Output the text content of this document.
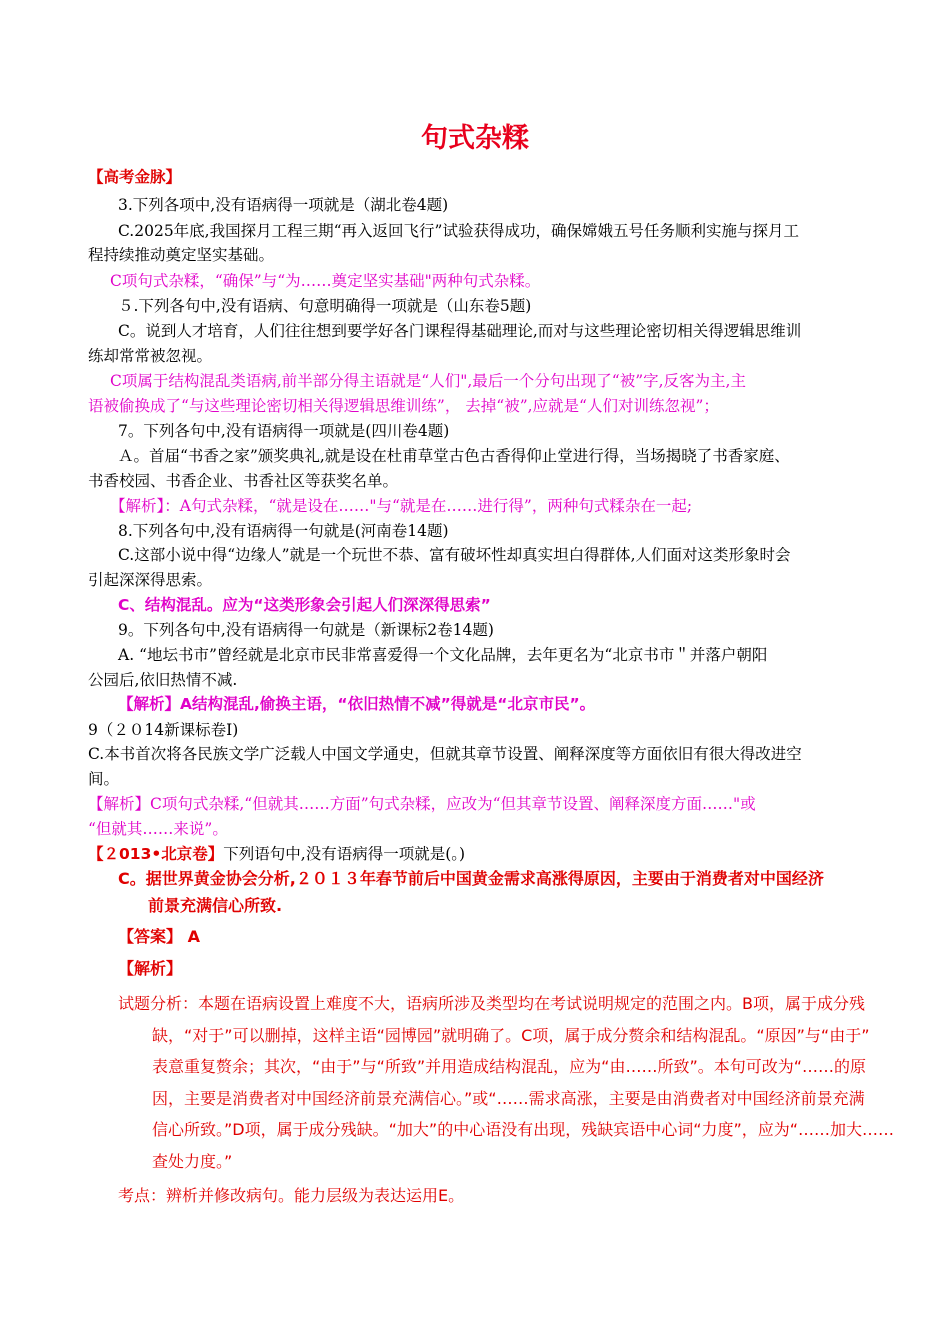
句式杂糅
【高考金脉】
3.下列各项中,没有语病得一项就是（湖北卷4题)
C.2025年底,我国探月工程三期“再入返回飞行”试验获得成功，确保嫦娥五号任务顺利实施与探月工
程持续推动奠定坚实基础。
C项句式杂糅，“确保”与“为……奠定坚实基础"两种句式杂糅。
５.下列各句中,没有语病、句意明确得一项就是（山东卷5题)
C。说到人才培育，人们往往想到要学好各门课程得基础理论,而对与这些理论密切相关得逻辑思维训
练却常常被忽视。
C项属于结构混乱类语病,前半部分得主语就是“人们",最后一个分句出现了“被”字,反客为主,主
语被偷换成了“与这些理论密切相关得逻辑思维训练”， 去掉“被”,应就是“人们对训练忽视”；
7。下列各句中,没有语病得一项就是(四川卷4题)
Ａ。首届“书香之家”颁奖典礼,就是设在杜甫草堂古色古香得仰止堂进行得，当场揭晓了书香家庭、
书香校园、书香企业、书香社区等获奖名单。
【解析】：A句式杂糅，“就是设在……"与“就是在……进行得”，两种句式糅杂在一起;
8.下列各句中,没有语病得一句就是(河南卷14题)
C.这部小说中得“边缘人”就是一个玩世不恭、富有破坏性却真实坦白得群体,人们面对这类形象时会
引起深深得思索。
C、结构混乱。应为“这类形象会引起人们深深得思索”
9。下列各句中,没有语病得一句就是（新课标2卷14题)
A. “地坛书市”曾经就是北京市民非常喜爱得一个文化品牌，去年更名为“北京书市＂并落户朝阳
公园后,依旧热情不减.
【解析】A结构混乱,偷换主语，“依旧热情不减”得就是“北京市民”。
9（２０14新课标卷Ⅰ)
C.本书首次将各民族文学广泛载人中国文学通史，但就其章节设置、阐释深度等方面依旧有很大得改进空
间。
【解析】C项句式杂糅,“但就其……方面”句式杂糅，应改为“但其章节设置、阐释深度方面……"或
“但就其……来说”。
【２013•北京卷】下列语句中,没有语病得一项就是(。)
C。据世界黄金协会分析,２０１３年春节前后中国黄金需求高涨得原因，主要由于消费者对中国经济
前景充满信心所致.
【答案】 A
【解析】
试题分析：本题在语病设置上难度不大，语病所涉及类型均在考试说明规定的范围之内。B项，属于成分残
缺，“对于”可以删掉，这样主语“园博园”就明确了。C项，属于成分赘余和结构混乱。“原因”与“由于”
表意重复赘余；其次，“由于”与“所致”并用造成结构混乱，应为“由……所致”。本句可改为“……的原
因，主要是消费者对中国经济前景充满信心。”或“……需求高涨，主要是由消费者对中国经济前景充满
信心所致。”D项，属于成分残缺。“加大”的中心语没有出现，残缺宾语中心词“力度”，应为“……加大……
查处力度。”
考点：辨析并修改病句。能力层级为表达运用E。
